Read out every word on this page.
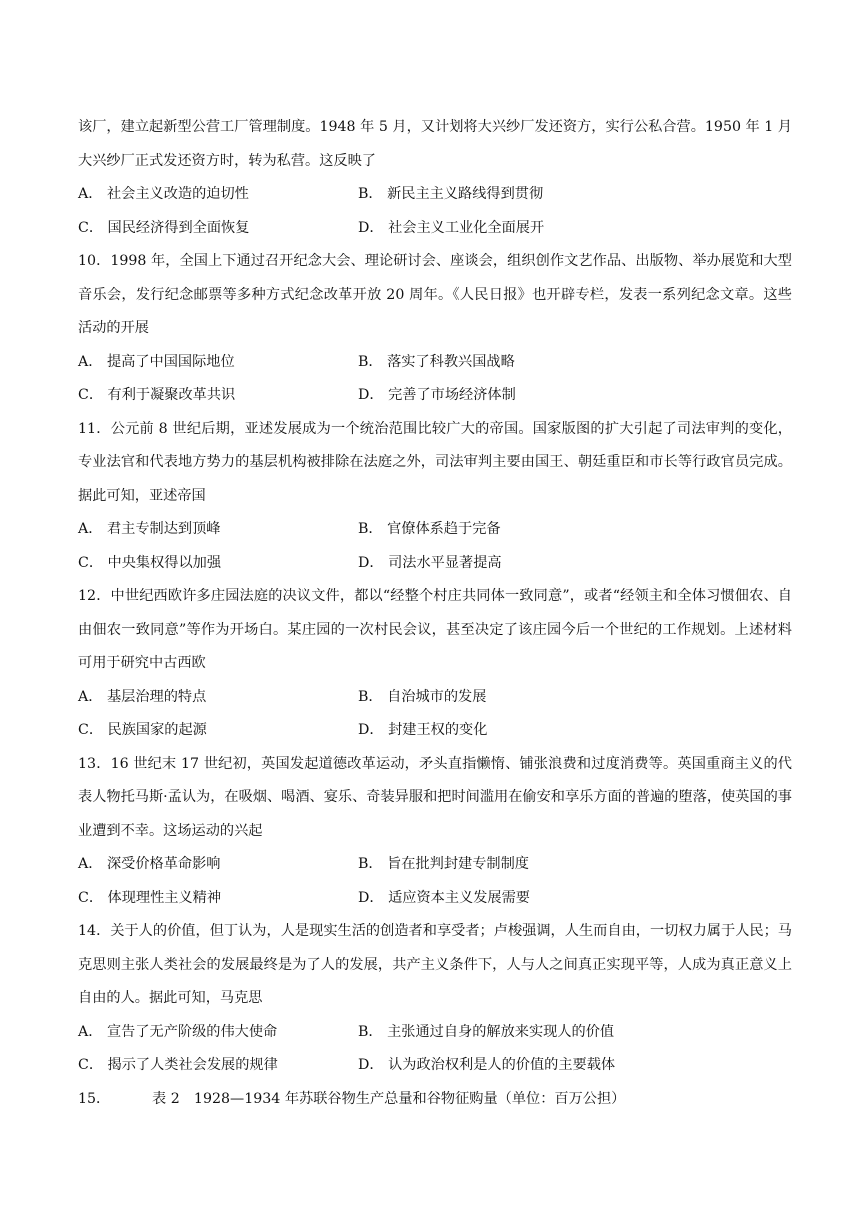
该厂，建立起新型公营工厂管理制度。1948 年 5 月，又计划将大兴纱厂发还资方，实行公私合营。1950 年 1 月大兴纱厂正式发还资方时，转为私营。这反映了

A． 社会主义改造的迫切性	B． 新民主主义路线得到贯彻
C． 国民经济得到全面恢复	D． 社会主义工业化全面展开

10．1998 年，全国上下通过召开纪念大会、理论研讨会、座谈会，组织创作文艺作品、出版物、举办展览和大型音乐会，发行纪念邮票等多种方式纪念改革开放 20 周年。《人民日报》也开辟专栏，发表一系列纪念文章。这些活动的开展

A． 提高了中国国际地位	B． 落实了科教兴国战略
C． 有利于凝聚改革共识	D． 完善了市场经济体制

11．公元前 8 世纪后期，亚述发展成为一个统治范围比较广大的帝国。国家版图的扩大引起了司法审判的变化，专业法官和代表地方势力的基层机构被排除在法庭之外，司法审判主要由国王、朝廷重臣和市长等行政官员完成。据此可知，亚述帝国

A． 君主专制达到顶峰	B． 官僚体系趋于完备
C． 中央集权得以加强	D． 司法水平显著提高

12．中世纪西欧许多庄园法庭的决议文件，都以“经整个村庄共同体一致同意”，或者“经领主和全体习惯佃农、自由佃农一致同意”等作为开场白。某庄园的一次村民会议，甚至决定了该庄园今后一个世纪的工作规划。上述材料可用于研究中古西欧

A． 基层治理的特点	B． 自治城市的发展
C． 民族国家的起源	D． 封建王权的变化

13．16 世纪末 17 世纪初，英国发起道德改革运动，矛头直指懒惰、铺张浪费和过度消费等。英国重商主义的代表人物托马斯·孟认为，在吸烟、喝酒、宴乐、奇装异服和把时间滥用在偷安和享乐方面的普遍的堕落，使英国的事业遭到不幸。这场运动的兴起

A． 深受价格革命影响	B． 旨在批判封建专制制度
C． 体现理性主义精神	D． 适应资本主义发展需要

14．关于人的价值，但丁认为，人是现实生活的创造者和享受者；卢梭强调，人生而自由，一切权力属于人民；马克思则主张人类社会的发展最终是为了人的发展，共产主义条件下，人与人之间真正实现平等，人成为真正意义上自由的人。据此可知，马克思

A． 宣告了无产阶级的伟大使命	B． 主张通过自身的解放来实现人的价值
C． 揭示了人类社会发展的规律	D． 认为政治权利是人的价值的主要载体
15．	表 2　1928—1934 年苏联谷物生产总量和谷物征购量（单位：百万公担）
